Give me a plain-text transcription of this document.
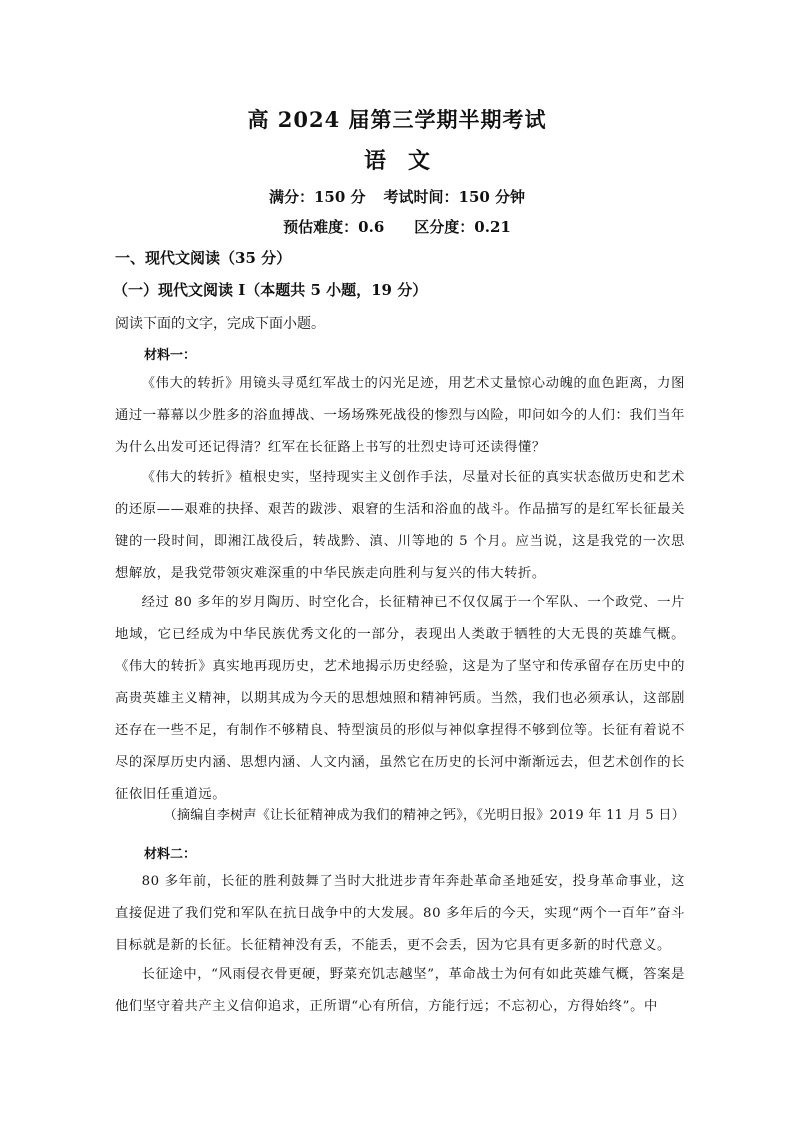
高 2024 届第三学期半期考试
语　文
满分：150 分 考试时间：150 分钟
预估难度：0.6 区分度：0.21
一、现代文阅读（35 分）
（一）现代文阅读 I（本题共 5 小题，19 分）
阅读下面的文字，完成下面小题。
材料一：
《伟大的转折》用镜头寻觅红军战士的闪光足迹，用艺术丈量惊心动魄的血色距离，力图通过一幕幕以少胜多的浴血搏战、一场场殊死战役的惨烈与凶险，叩问如今的人们：我们当年为什么出发可还记得清？红军在长征路上书写的壮烈史诗可还读得懂？
《伟大的转折》植根史实，坚持现实主义创作手法，尽量对长征的真实状态做历史和艺术的还原——艰难的抉择、艰苦的跋涉、艰窘的生活和浴血的战斗。作品描写的是红军长征最关键的一段时间，即湘江战役后，转战黔、滇、川等地的 5 个月。应当说，这是我党的一次思想解放，是我党带领灾难深重的中华民族走向胜利与复兴的伟大转折。
经过 80 多年的岁月陶历、时空化合，长征精神已不仅仅属于一个军队、一个政党、一片地域，它已经成为中华民族优秀文化的一部分，表现出人类敢于牺牲的大无畏的英雄气概。《伟大的转折》真实地再现历史，艺术地揭示历史经验，这是为了坚守和传承留存在历史中的高贵英雄主义精神，以期其成为今天的思想烛照和精神钙质。当然，我们也必须承认，这部剧还存在一些不足，有制作不够精良、特型演员的形似与神似拿捏得不够到位等。长征有着说不尽的深厚历史内涵、思想内涵、人文内涵，虽然它在历史的长河中渐渐远去，但艺术创作的长征依旧任重道远。
（摘编自李树声《让长征精神成为我们的精神之钙》，《光明日报》2019 年 11 月 5 日）
材料二：
80 多年前，长征的胜利鼓舞了当时大批进步青年奔赴革命圣地延安，投身革命事业，这直接促进了我们党和军队在抗日战争中的大发展。80 多年后的今天，实现“两个一百年”奋斗目标就是新的长征。长征精神没有丢，不能丢，更不会丢，因为它具有更多新的时代意义。
长征途中，“风雨侵衣骨更硬，野菜充饥志越坚”，革命战士为何有如此英雄气概，答案是他们坚守着共产主义信仰追求，正所谓“心有所信，方能行远；不忘初心，方得始终”。中
